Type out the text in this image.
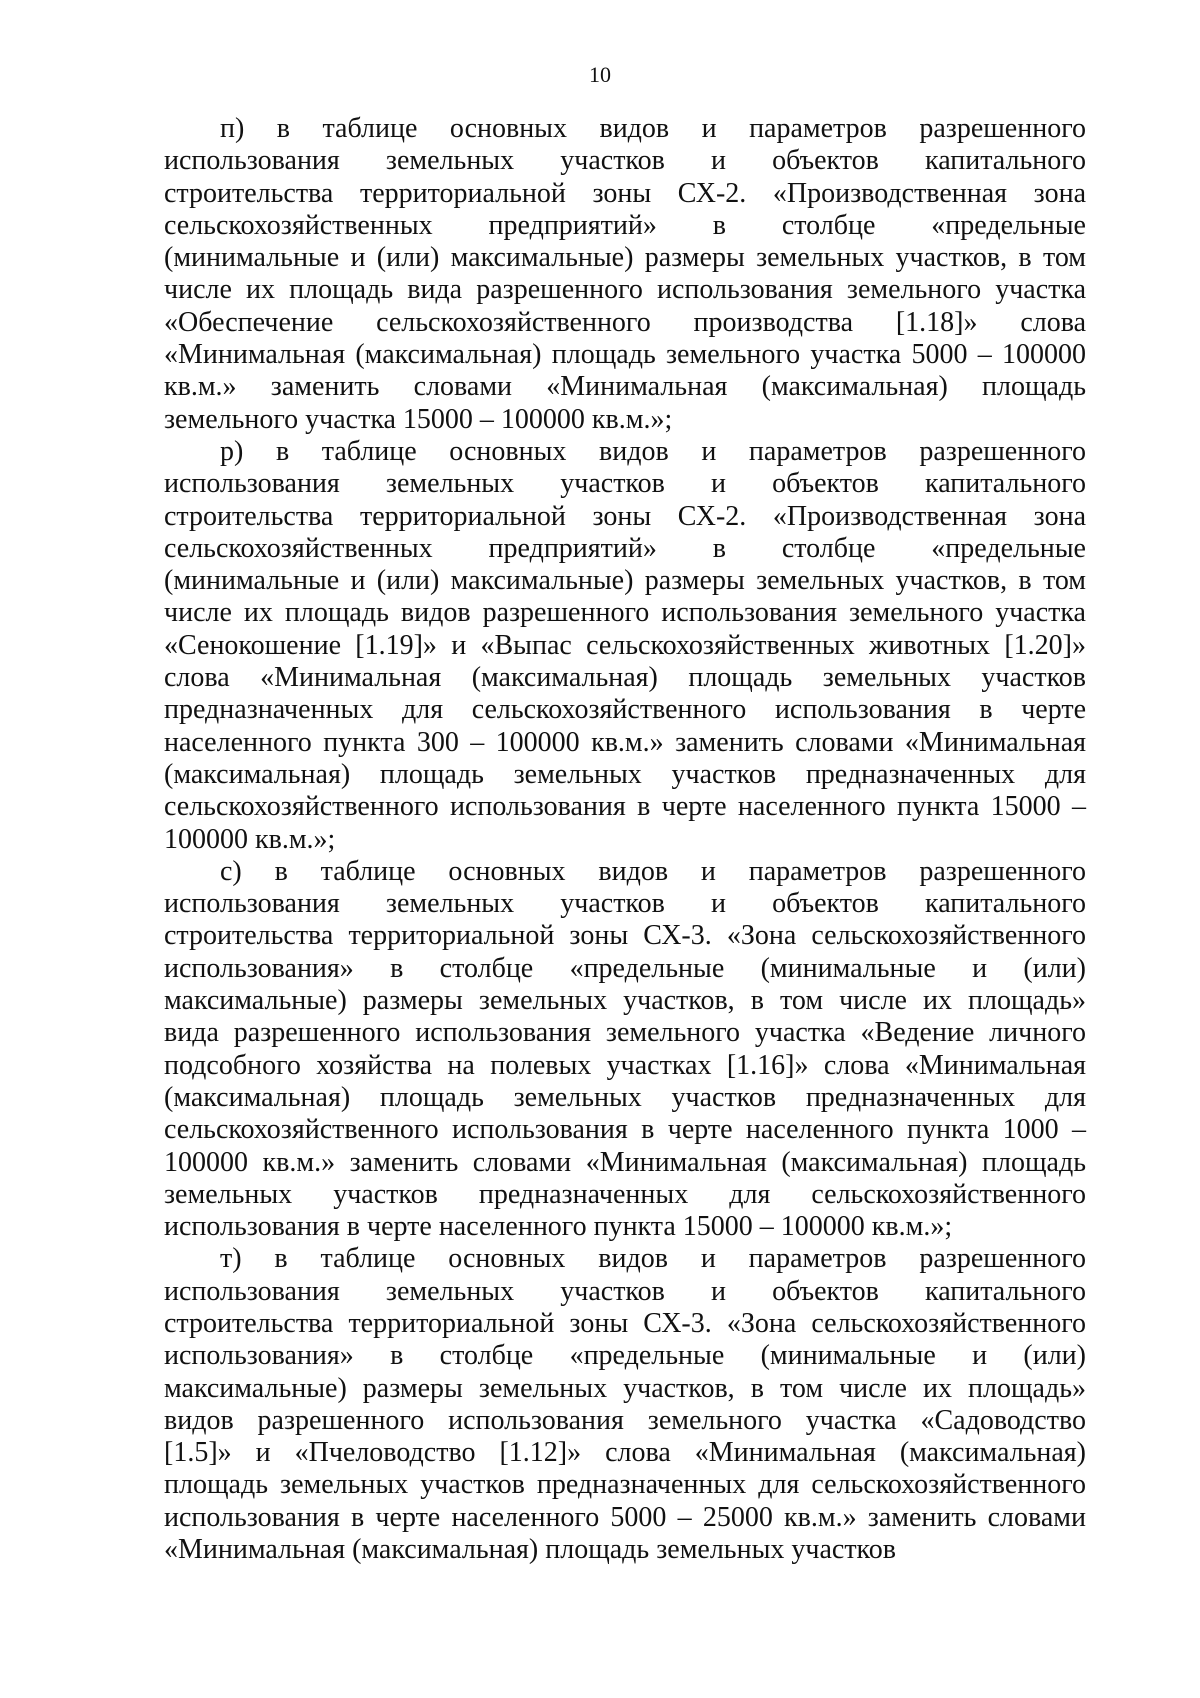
10
п) в таблице основных видов и параметров разрешенного
использования земельных участков и объектов капитального
строительства территориальной зоны СХ-2. «Производственная зона
сельскохозяйственных предприятий» в столбце «предельные
(минимальные и (или) максимальные) размеры земельных участков, в том
числе их площадь вида разрешенного использования земельного участка
«Обеспечение сельскохозяйственного производства [1.18]» слова
«Минимальная (максимальная) площадь земельного участка 5000 – 100000
кв.м.» заменить словами «Минимальная (максимальная) площадь
земельного участка 15000 – 100000 кв.м.»;
р) в таблице основных видов и параметров разрешенного
использования земельных участков и объектов капитального
строительства территориальной зоны СХ-2. «Производственная зона
сельскохозяйственных предприятий» в столбце «предельные
(минимальные и (или) максимальные) размеры земельных участков, в том
числе их площадь видов разрешенного использования земельного участка
«Сенокошение [1.19]» и «Выпас сельскохозяйственных животных [1.20]»
слова «Минимальная (максимальная) площадь земельных участков
предназначенных для сельскохозяйственного использования в черте
населенного пункта 300 – 100000 кв.м.» заменить словами «Минимальная
(максимальная) площадь земельных участков предназначенных для
сельскохозяйственного использования в черте населенного пункта 15000 –
100000 кв.м.»;
с) в таблице основных видов и параметров разрешенного
использования земельных участков и объектов капитального
строительства территориальной зоны СХ-3. «Зона сельскохозяйственного
использования» в столбце «предельные (минимальные и (или)
максимальные) размеры земельных участков, в том числе их площадь»
вида разрешенного использования земельного участка «Ведение личного
подсобного хозяйства на полевых участках [1.16]» слова «Минимальная
(максимальная) площадь земельных участков предназначенных для
сельскохозяйственного использования в черте населенного пункта 1000 –
100000 кв.м.» заменить словами «Минимальная (максимальная) площадь
земельных участков предназначенных для сельскохозяйственного
использования в черте населенного пункта 15000 – 100000 кв.м.»;
т) в таблице основных видов и параметров разрешенного
использования земельных участков и объектов капитального
строительства территориальной зоны СХ-3. «Зона сельскохозяйственного
использования» в столбце «предельные (минимальные и (или)
максимальные) размеры земельных участков, в том числе их площадь»
видов разрешенного использования земельного участка «Садоводство
[1.5]» и «Пчеловодство [1.12]» слова «Минимальная (максимальная)
площадь земельных участков предназначенных для сельскохозяйственного
использования в черте населенного 5000 – 25000 кв.м.» заменить словами
«Минимальная (максимальная) площадь земельных участков
